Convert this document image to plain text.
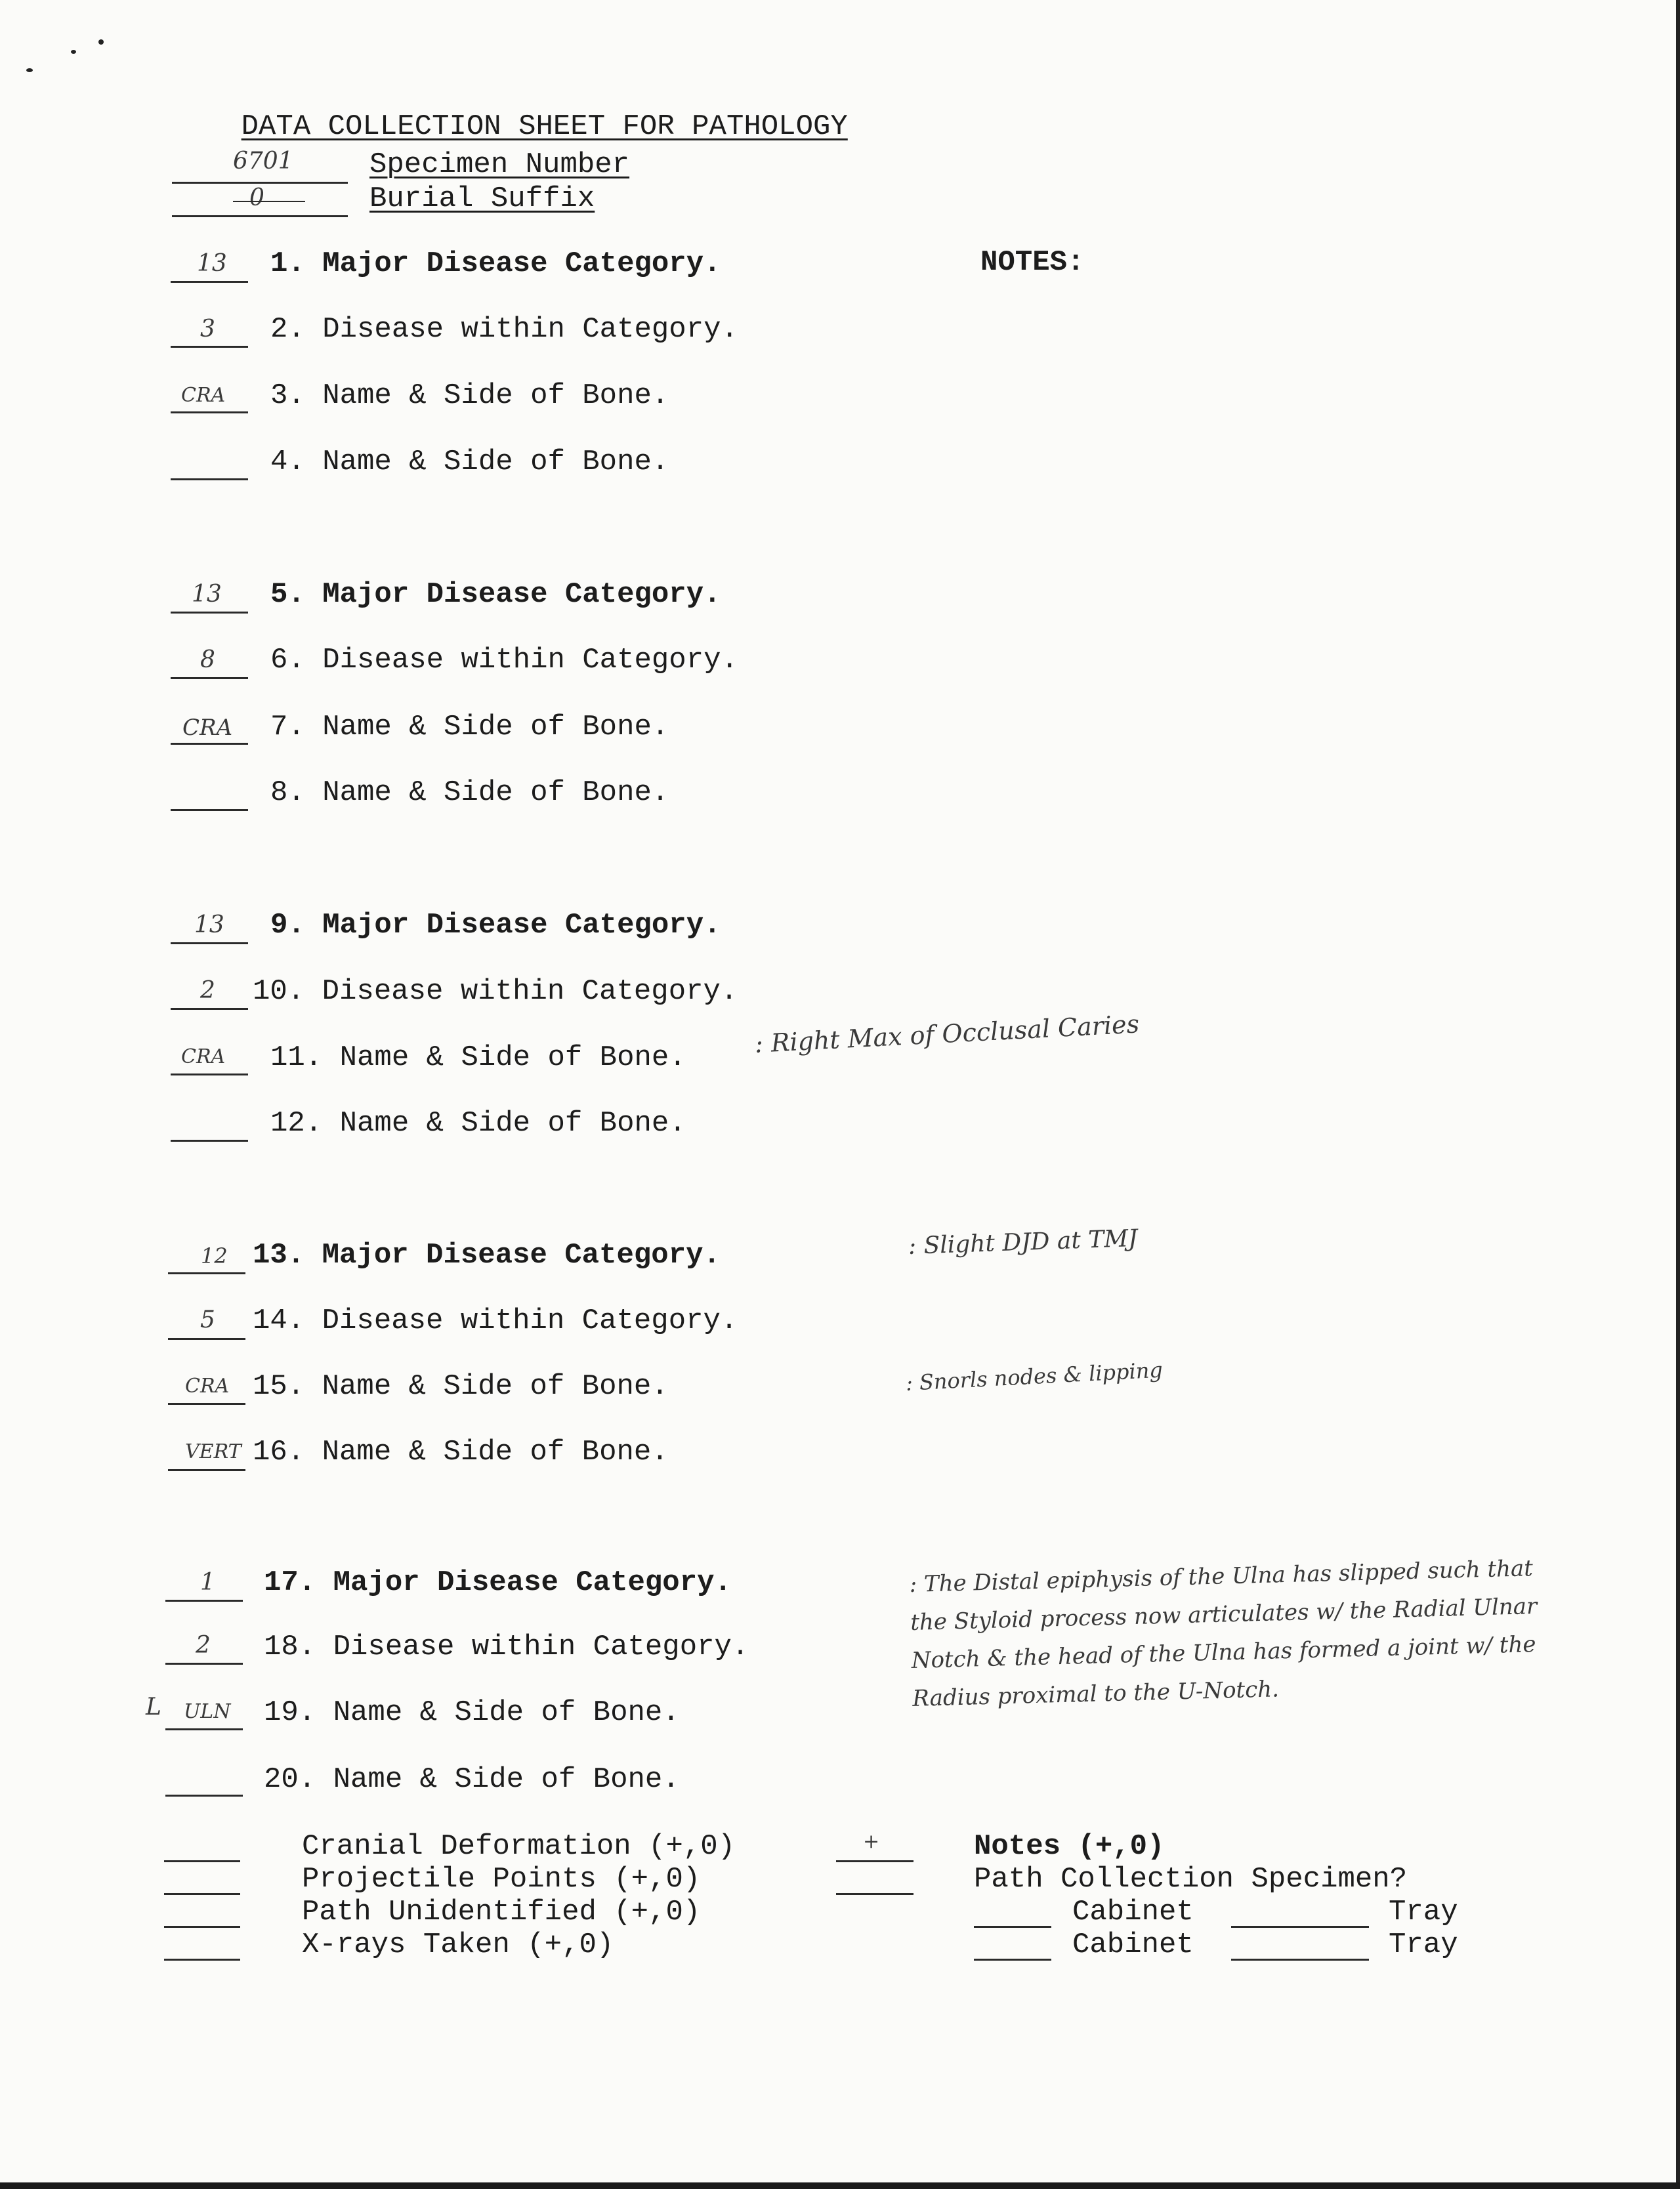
DATA COLLECTION SHEET FOR PATHOLOGY

6701	Specimen Number
0	Burial Suffix
NOTES:
13 1. Major Disease Category.
3 2. Disease within Category.
CRA 3. Name & Side of Bone.
4. Name & Side of Bone.
13 5. Major Disease Category.
8 6. Disease within Category.
CRA 7. Name & Side of Bone.
8. Name & Side of Bone.
13 9. Major Disease Category.
2 10. Disease within Category.
CRA 11. Name & Side of Bone.	: Right Max of Occlusal Caries
12. Name & Side of Bone.
12 13. Major Disease Category.	: Slight DJD at TMJ
5 14. Disease within Category.
CRA 15. Name & Side of Bone.	: Snorls nodes & lipping
VERT 16. Name & Side of Bone.
1 17. Major Disease Category.
2 18. Disease within Category.
L ULN 19. Name & Side of Bone.
20. Name & Side of Bone.
: The Distal epiphysis of the Ulna has slipped such that
the Styloid process now articulates w/ the Radial Ulnar
Notch & the head of the Ulna has formed a joint w/ the
Radius proximal to the U-Notch.
Cranial Deformation (+,0)
Projectile Points (+,0)
Path Unidentified (+,0)
X-rays Taken (+,0)
+	Notes (+,0)
Path Collection Specimen?
Cabinet	Tray
Cabinet	Tray
